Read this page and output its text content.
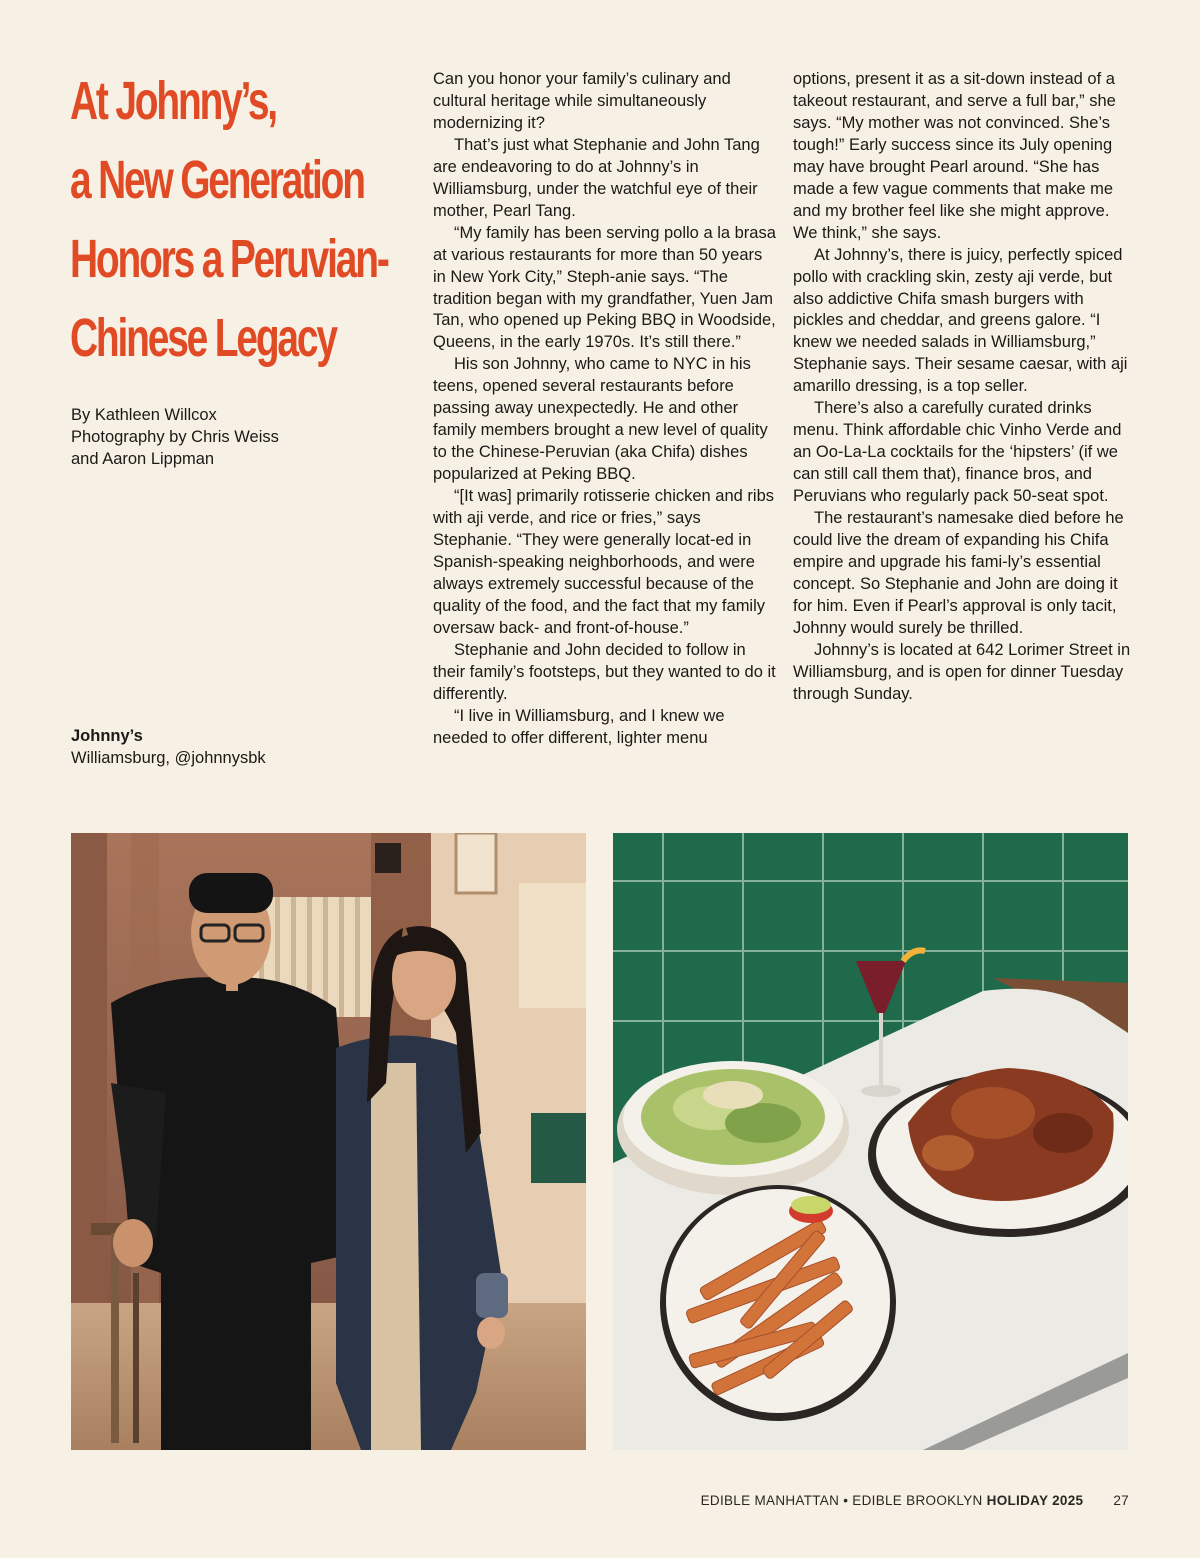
At Johnny’s,
a New Generation
Honors a Peruvian-
Chinese Legacy
By Kathleen Willcox
Photography by Chris Weiss
and Aaron Lippman
Johnny’s
Williamsburg, @johnnysbk

Can you honor your family’s culinary and cultural heritage while simultaneously modernizing it?

That’s just what Stephanie and John Tang are endeavoring to do at Johnny’s in Williamsburg, under the watchful eye of their mother, Pearl Tang.

“My family has been serving pollo a la brasa at various restaurants for more than 50 years in New York City,” Steph-anie says. “The tradition began with my grandfather, Yuen Jam Tan, who opened up Peking BBQ in Woodside, Queens, in the early 1970s. It’s still there.”

His son Johnny, who came to NYC in his teens, opened several restaurants before passing away unexpectedly. He and other family members brought a new level of quality to the Chinese-Peruvian (aka Chifa) dishes popularized at Peking BBQ.

“[It was] primarily rotisserie chicken and ribs with aji verde, and rice or fries,” says Stephanie. “They were generally locat-ed in Spanish-speaking neighborhoods, and were always extremely successful because of the quality of the food, and the fact that my family oversaw back- and front-of-house.”

Stephanie and John decided to follow in their family’s footsteps, but they wanted to do it differently.

“I live in Williamsburg, and I knew we needed to offer different, lighter menu

options, present it as a sit-down instead of a takeout restaurant, and serve a full bar,” she says. “My mother was not convinced. She’s tough!” Early success since its July opening may have brought Pearl around. “She has made a few vague comments that make me and my brother feel like she might approve. We think,” she says.

At Johnny’s, there is juicy, perfectly spiced pollo with crackling skin, zesty aji verde, but also addictive Chifa smash burgers with pickles and cheddar, and greens galore. “I knew we needed salads in Williamsburg,” Stephanie says. Their sesame caesar, with aji amarillo dressing, is a top seller.

There’s also a carefully curated drinks menu. Think affordable chic Vinho Verde and an Oo-La-La cocktails for the ‘hipsters’ (if we can still call them that), finance bros, and Peruvians who regularly pack 50-seat spot.

The restaurant’s namesake died before he could live the dream of expanding his Chifa empire and upgrade his fami-ly’s essential concept. So Stephanie and John are doing it for him. Even if Pearl’s approval is only tacit, Johnny would surely be thrilled.

Johnny’s is located at 642 Lorimer Street in Williamsburg, and is open for dinner Tuesday through Sunday.

EDIBLE MANHATTAN • EDIBLE BROOKLYN HOLIDAY 2025 27
